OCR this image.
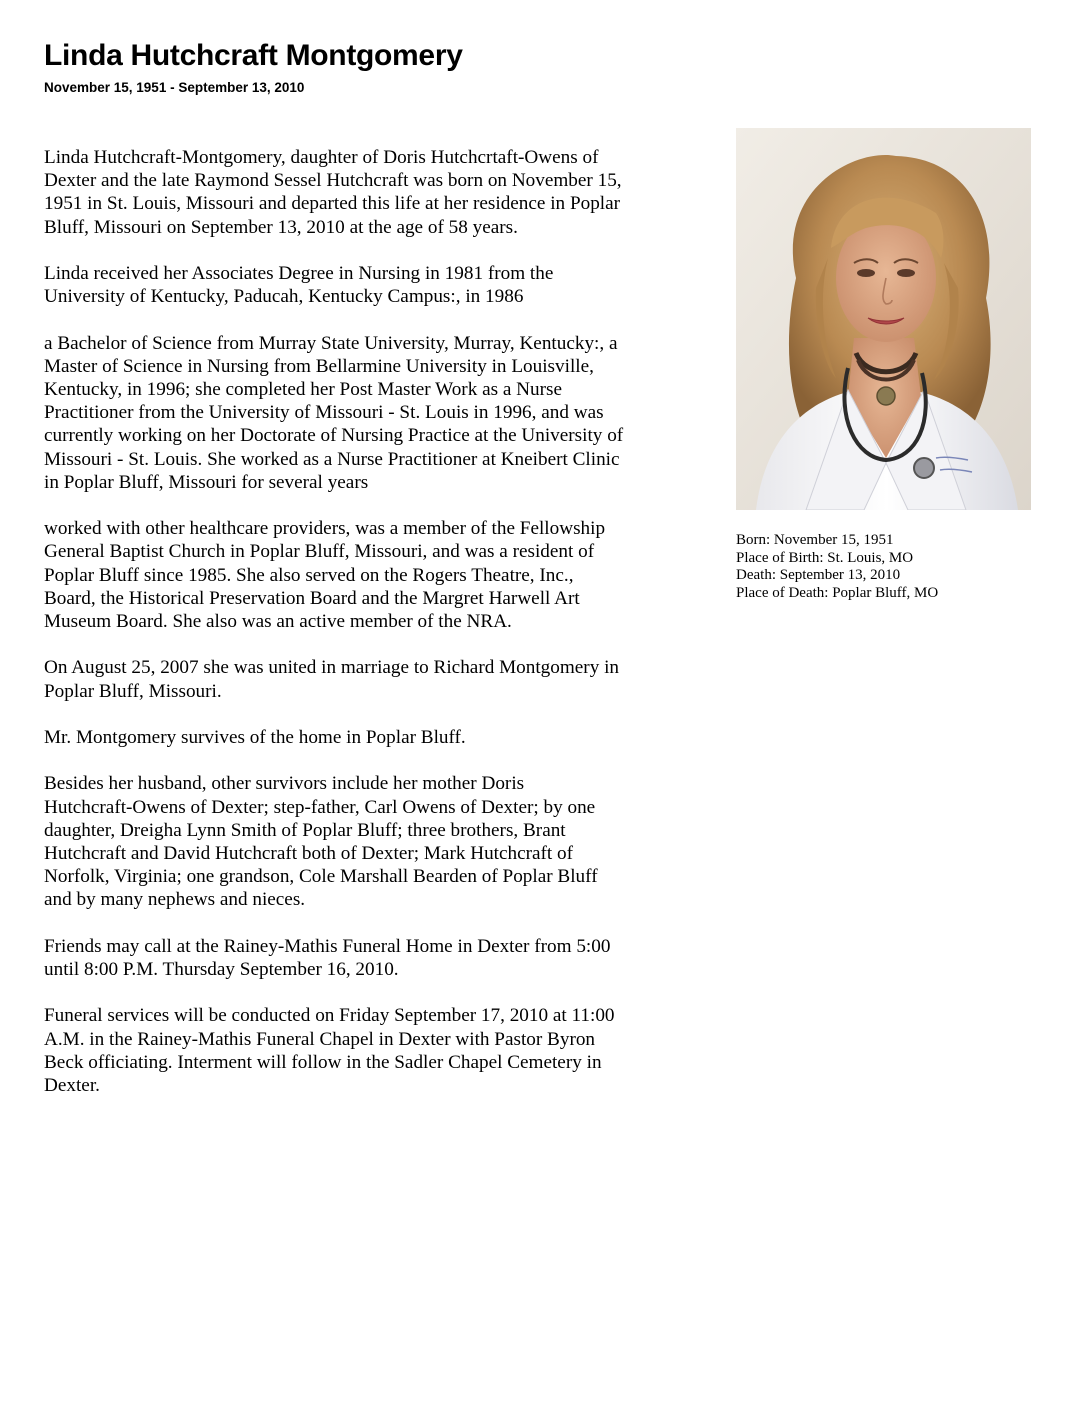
Linda Hutchcraft Montgomery
November 15, 1951 - September 13, 2010

Linda Hutchcraft-Montgomery, daughter of Doris Hutchcrtaft-Owens of
Dexter and the late Raymond Sessel Hutchcraft was born on November 15,
1951 in St. Louis, Missouri and departed this life at her residence in Poplar
Bluff, Missouri on September 13, 2010 at the age of 58 years.

Linda received her Associates Degree in Nursing in 1981 from the
University of Kentucky, Paducah, Kentucky Campus:, in 1986

a Bachelor of Science from Murray State University, Murray, Kentucky:, a
Master of Science in Nursing from Bellarmine University in Louisville,
Kentucky, in 1996; she completed her Post Master Work as a Nurse
Practitioner from the University of Missouri - St. Louis in 1996, and was
currently working on her Doctorate of Nursing Practice at the University of
Missouri - St. Louis. She worked as a Nurse Practitioner at Kneibert Clinic
in Poplar Bluff, Missouri for several years

worked with other healthcare providers, was a member of the Fellowship
General Baptist Church in Poplar Bluff, Missouri, and was a resident of
Poplar Bluff since 1985. She also served on the Rogers Theatre, Inc.,
Board, the Historical Preservation Board and the Margret Harwell Art
Museum Board. She also was an active member of the NRA.

On August 25, 2007 she was united in marriage to Richard Montgomery in
Poplar Bluff, Missouri.

Mr. Montgomery survives of the home in Poplar Bluff.

Besides her husband, other survivors include her mother Doris
Hutchcraft-Owens of Dexter; step-father, Carl Owens of Dexter; by one
daughter, Dreigha Lynn Smith of Poplar Bluff; three brothers, Brant
Hutchcraft and David Hutchcraft both of Dexter; Mark Hutchcraft of
Norfolk, Virginia; one grandson, Cole Marshall Bearden of Poplar Bluff
and by many nephews and nieces.

Friends may call at the Rainey-Mathis Funeral Home in Dexter from 5:00
until 8:00 P.M. Thursday September 16, 2010.

Funeral services will be conducted on Friday September 17, 2010 at 11:00
A.M. in the Rainey-Mathis Funeral Chapel in Dexter with Pastor Byron
Beck officiating. Interment will follow in the Sadler Chapel Cemetery in
Dexter.

Born: November 15, 1951
Place of Birth: St. Louis, MO
Death: September 13, 2010
Place of Death: Poplar Bluff, MO
